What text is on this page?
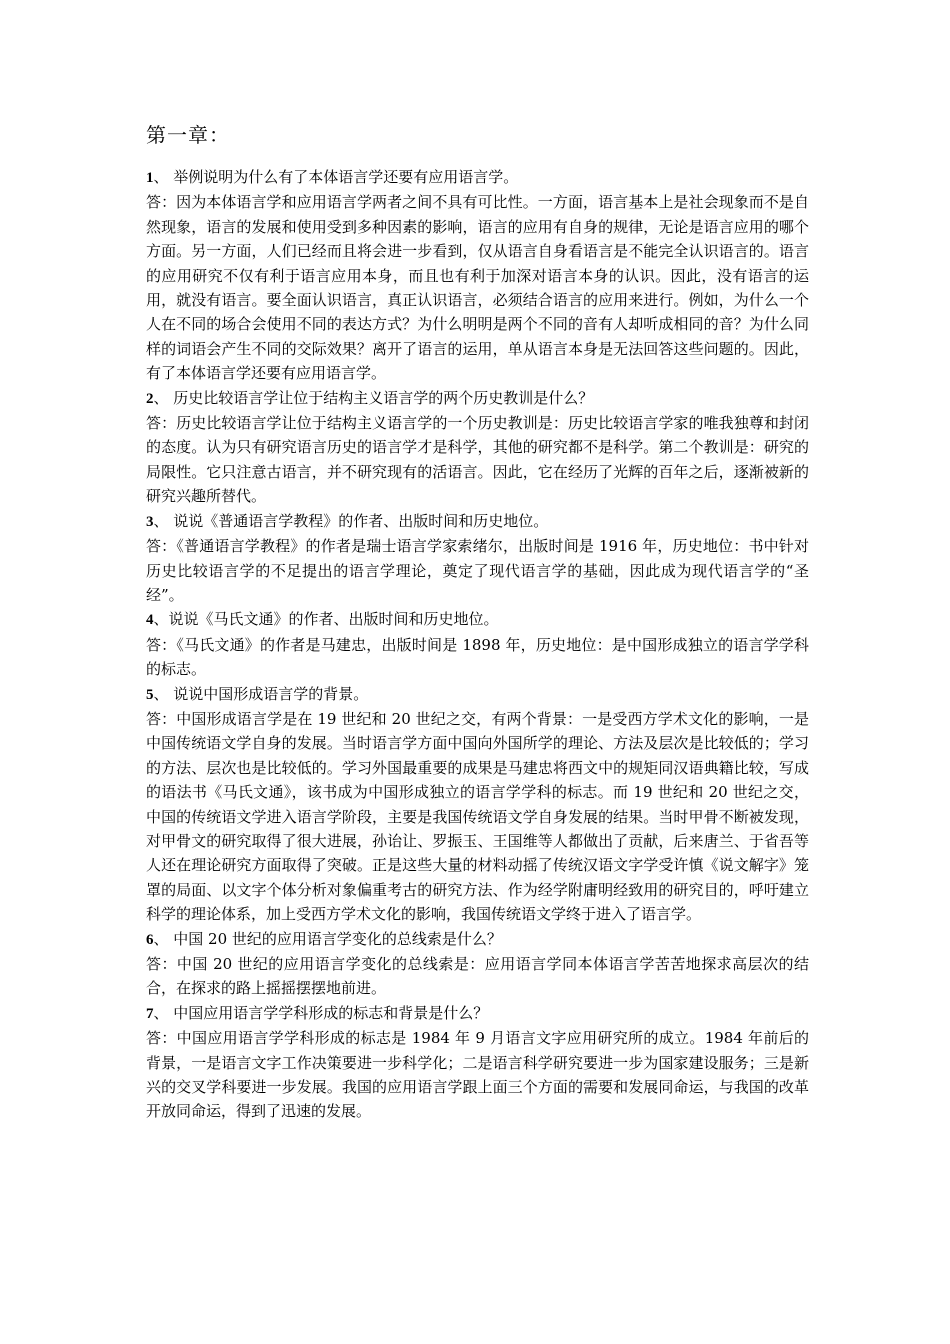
第一章：

1、 举例说明为什么有了本体语言学还要有应用语言学。

答：因为本体语言学和应用语言学两者之间不具有可比性。一方面，语言基本上是社会现象而不是自然现象，语言的发展和使用受到多种因素的影响，语言的应用有自身的规律，无论是语言应用的哪个方面。另一方面，人们已经而且将会进一步看到，仅从语言自身看语言是不能完全认识语言的。语言的应用研究不仅有利于语言应用本身，而且也有利于加深对语言本身的认识。因此，没有语言的运用，就没有语言。要全面认识语言，真正认识语言，必须结合语言的应用来进行。例如，为什么一个人在不同的场合会使用不同的表达方式？为什么明明是两个不同的音有人却听成相同的音？为什么同样的词语会产生不同的交际效果？离开了语言的运用，单从语言本身是无法回答这些问题的。因此，有了本体语言学还要有应用语言学。

2、 历史比较语言学让位于结构主义语言学的两个历史教训是什么？

答：历史比较语言学让位于结构主义语言学的一个历史教训是：历史比较语言学家的唯我独尊和封闭的态度。认为只有研究语言历史的语言学才是科学，其他的研究都不是科学。第二个教训是：研究的局限性。它只注意古语言，并不研究现有的活语言。因此，它在经历了光辉的百年之后，逐渐被新的研究兴趣所替代。

3、 说说《普通语言学教程》的作者、出版时间和历史地位。

答：《普通语言学教程》的作者是瑞士语言学家索绪尔，出版时间是 1916 年，历史地位：书中针对历史比较语言学的不足提出的语言学理论，奠定了现代语言学的基础，因此成为现代语言学的“圣经”。

4、说说《马氏文通》的作者、出版时间和历史地位。

答：《马氏文通》的作者是马建忠，出版时间是 1898 年，历史地位：是中国形成独立的语言学学科的标志。

5、 说说中国形成语言学的背景。

答：中国形成语言学是在 19 世纪和 20 世纪之交，有两个背景：一是受西方学术文化的影响，一是中国传统语文学自身的发展。当时语言学方面中国向外国所学的理论、方法及层次是比较低的；学习的方法、层次也是比较低的。学习外国最重要的成果是马建忠将西文中的规矩同汉语典籍比较，写成的语法书《马氏文通》，该书成为中国形成独立的语言学学科的标志。而 19 世纪和 20 世纪之交，中国的传统语文学进入语言学阶段，主要是我国传统语文学自身发展的结果。当时甲骨不断被发现，对甲骨文的研究取得了很大进展，孙诒让、罗振玉、王国维等人都做出了贡献，后来唐兰、于省吾等人还在理论研究方面取得了突破。正是这些大量的材料动摇了传统汉语文字学受许慎《说文解字》笼罩的局面、以文字个体分析对象偏重考古的研究方法、作为经学附庸明经致用的研究目的，呼吁建立科学的理论体系，加上受西方学术文化的影响，我国传统语文学终于进入了语言学。

6、 中国 20 世纪的应用语言学变化的总线索是什么？

答：中国 20 世纪的应用语言学变化的总线索是：应用语言学同本体语言学苦苦地探求高层次的结合，在探求的路上摇摇摆摆地前进。

7、 中国应用语言学学科形成的标志和背景是什么？

答：中国应用语言学学科形成的标志是 1984 年 9 月语言文字应用研究所的成立。1984 年前后的背景，一是语言文字工作决策要进一步科学化；二是语言科学研究要进一步为国家建设服务；三是新兴的交叉学科要进一步发展。我国的应用语言学跟上面三个方面的需要和发展同命运，与我国的改革开放同命运，得到了迅速的发展。
